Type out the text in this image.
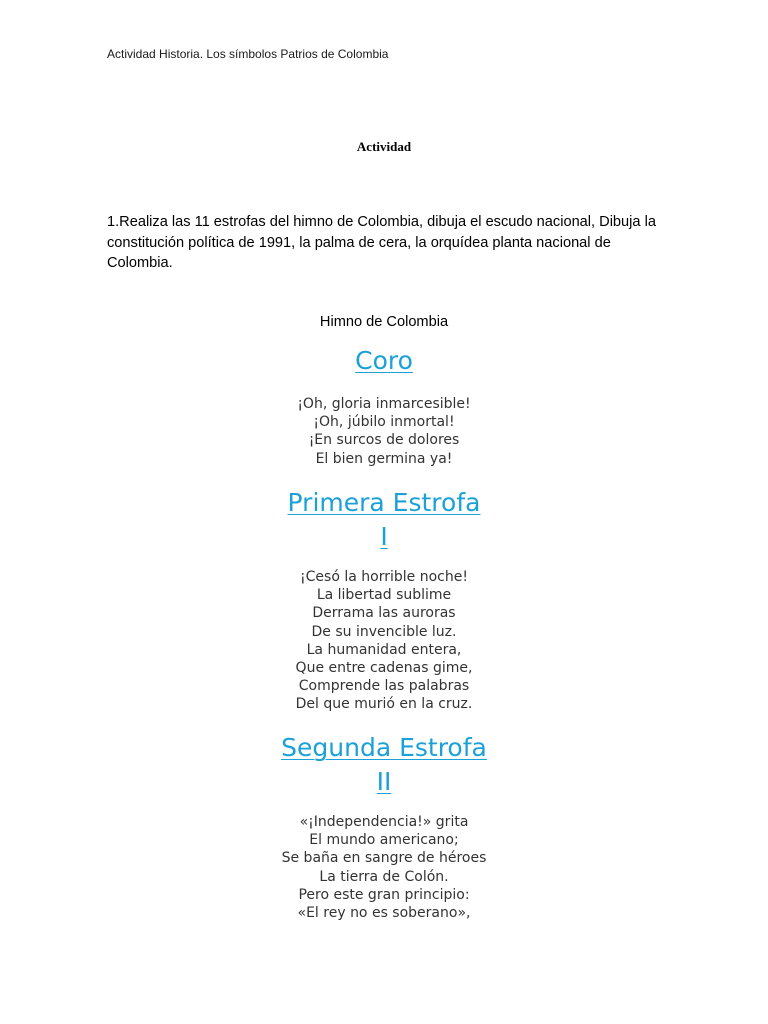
Actividad Historia. Los símbolos Patrios de Colombia
Actividad

1.Realiza las 11 estrofas del himno de Colombia, dibuja el escudo nacional, Dibuja la constitución política de 1991, la palma de cera, la orquídea planta nacional de Colombia.

Himno de Colombia
Coro
¡Oh, gloria inmarcesible!
¡Oh, júbilo inmortal!
¡En surcos de dolores
El bien germina ya!
Primera Estrofa
I
¡Cesó la horrible noche!
La libertad sublime
Derrama las auroras
De su invencible luz.
La humanidad entera,
Que entre cadenas gime,
Comprende las palabras
Del que murió en la cruz.
Segunda Estrofa
II
«¡Independencia!» grita
El mundo americano;
Se baña en sangre de héroes
La tierra de Colón.
Pero este gran principio:
«El rey no es soberano»,
